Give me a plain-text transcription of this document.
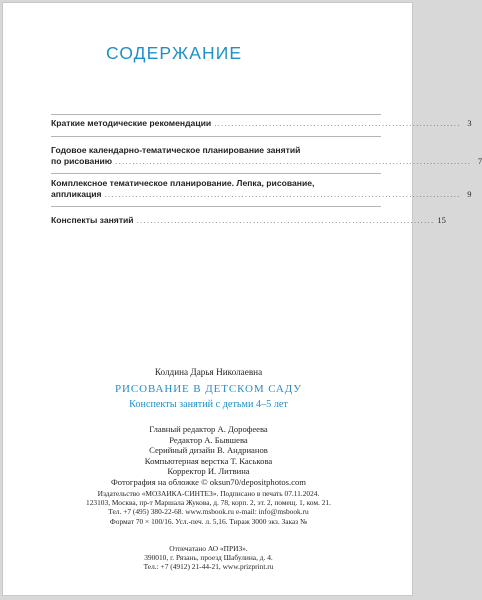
СОДЕРЖАНИЕ
Краткие методические рекомендации ........................................................................ 3
Годовое календарно-тематическое планирование занятий
по рисованию ........................................................................................................ 7
Комплексное тематическое планирование. Лепка, рисование,
аппликация ........................................................................................................ 9
Конспекты занятий ....................................................................................... 15
Колдина Дарья Николаевна
РИСОВАНИЕ В ДЕТСКОМ САДУ
Конспекты занятий с детьми 4–5 лет
Главный редактор А. Дорофеева
Редактор А. Бывшева
Серийный дизайн В. Андрианов
Компьютерная верстка Т. Каськова
Корректор И. Литвина
Фотография на обложке © oksun70/depositphotos.com
Издательство «МОЗАИКА-СИНТЕЗ». Подписано в печать 07.11.2024.
123103, Москва, пр-т Маршала Жукова, д. 78, корп. 2, эт. 2, помещ. 1, ком. 21.
Тел. +7 (495) 380-22-68. www.msbook.ru e-mail: info@msbook.ru
Формат 70 × 100/16. Усл.-печ. л. 5,16. Тираж 3000 экз. Заказ №
Отпечатано АО «ПРИЗ».
390010, г. Рязань, проезд Шабулина, д. 4.
Тел.: +7 (4912) 21-44-21, www.prizprint.ru
